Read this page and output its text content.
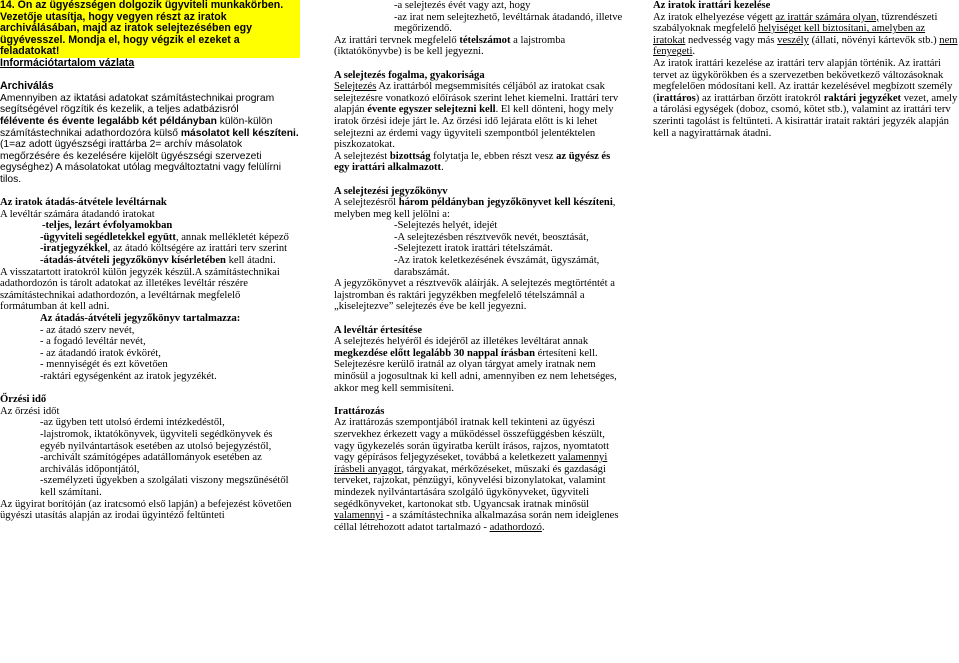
14. Ön az ügyészségen dolgozik ügyviteli munkakörben. Vezetője utasítja, hogy vegyen részt az iratok archiválásában, majd az iratok selejtezésében egy ügyévesszel. Mondja el, hogy végzik el ezeket a feladatokat!
Információtartalom vázlata
Archiválás

Amennyiben az iktatási adatokat számítástechnikai program segítségével rögzítik és kezelik, a teljes adatbázisról
félévente és évente legalább két példányban külön-külön számítástechnikai adathordozóra külső másolatot kell készíteni. (1=az adott ügyészségi irattárba 2= archív másolatok megőrzésére és kezelésére kijelölt ügyészségi szervezeti egységhez) A másolatokat utólag megváltoztatni vagy felülírni tilos.

Az iratok átadás-átvétele levéltárnak
A levéltár számára átadandó iratokat
-teljes, lezárt évfolyamokban
-ügyviteli segédletekkel együtt, annak mellékletét képező
-iratjegyzékkel, az átadó költségére az irattári terv szerint
-átadás-átvételi jegyzőkönyv kísérletében kell átadni.
A visszatartott iratokról külön jegyzék készül.A számítástechnikai adathordozón is tárolt adatokat az illetékes levéltár részére számítástechnikai adathordozón, a levéltárnak megfelelő formátumban át kell adni.
Az átadás-átvételi jegyzőkönyv tartalmazza:
- az átadó szerv nevét,
- a fogadó levéltár nevét,
- az átadandó iratok évkörét,
- mennyiségét és ezt követően
-raktári egységenként az iratok jegyzékét.
Őrzési idő
Az őrzési időt
-az ügyben tett utolsó érdemi intézkedéstől,
-lajstromok, iktatókönyvek, ügyviteli segédkönyvek és egyéb nyilvántartások esetében az utolsó bejegyzéstől,
-archivált számítógépes adatállományok esetében az archiválás időpontjától,
-személyzeti ügyekben a szolgálati viszony megszűnésétől kell számítani.
Az ügyirat borítóján (az iratcsomó első lapján) a befejezést követően ügyészi utasítás alapján az irodai ügyintéző feltünteti
-a selejtezés évét vagy azt, hogy
-az irat nem selejtezhető, levéltárnak átadandó, illetve megőrizendő.

Az irattári tervnek megfelelő tételszámot a lajstromba (iktatókönyvbe) is be kell jegyezni.

A selejtezés fogalma, gyakorisága

Selejtezés Az irattárból megsemmisítés céljából az iratokat csak selejtezésre vonatkozó előírások szerint lehet kiemelni. Irattári terv alapján évente egyszer selejtezni kell. El kell dönteni, hogy mely iratok őrzési ideje járt le. Az őrzési idő lejárata előtt is ki lehet selejtezni az érdemi vagy ügyviteli szempontból jelentéktelen piszkozatokat.

A selejtezést bizottság folytatja le, ebben részt vesz az ügyész és egy irattári alkalmazott.

A selejtezési jegyzőkönyv

A selejtezésről három példányban jegyzőkönyvet kell készíteni, melyben meg kell jelölni a:

-Selejtezés helyét, idejét
-A selejtezésben résztvevők nevét, beosztását,
-Selejtezett iratok irattári tételszámát.
-Az iratok keletkezésének évszámát, ügyszámát, darabszámát.

A jegyzőkönyvet a résztvevők aláírják. A selejtezés megtörténtét a lajstromban és raktári jegyzékben megfelelő tételszámnál a „kiselejtezve” selejtezés éve be kell jegyezni.

A levéltár értesítése

A selejtezés helyéről és idejéről az illetékes levéltárat annak megkezdése előtt legalább 30 nappal írásban értesíteni kell. Selejtezésre kerülő iratnál az olyan tárgyat amely iratnak nem minősül a jogosultnak ki kell adni, amennyiben ez nem lehetséges, akkor meg kell semmisíteni.

Irattározás

Az irattározás szempontjából iratnak kell tekinteni az ügyészi szervekhez érkezett vagy a működéssel összefüggésben készült, vagy ügykezelés során ügyiratba került írásos, rajzos, nyomtatott vagy gépírásos feljegyzéseket, továbbá a keletkezett valamennyi írásbeli anyagot, tárgyakat, mérkőzéseket, műszaki és gazdasági terveket, rajzokat, pénzügyi, könyvelési bizonylatokat, valamint mindezek nyilvántartására szolgáló ügykönyveket, ügyviteli segédkönyveket, kartonokat stb. Ugyancsak iratnak minősül valamennyi - a számítástechnika alkalmazása során nem ideiglenes céllal létrehozott adatot tartalmazó - adathordozó.

Az iratok irattári kezelése

Az iratok elhelyezése végett az irattár számára olyan, tűzrendészeti szabályoknak megfelelő helyiséget kell biztosítani, amelyben az iratokat nedvesség vagy más veszély (állati, növényi kártevők stb.) nem fenyegeti.

Az iratok irattári kezelése az irattári terv alapján történik. Az irattári tervet az ügykörökben és a szervezetben bekövetkező változásoknak megfelelően módosítani kell. Az irattár kezelésével megbízott személy (irattáros) az irattárban őrzött iratokról raktári jegyzéket vezet, amely a tárolási egységek (doboz, csomó, kötet stb.), valamint az irattári terv szerinti tagolást is feltünteti. A kisirattár iratait raktári jegyzék alapján kell a nagyirattárnak átadni.
